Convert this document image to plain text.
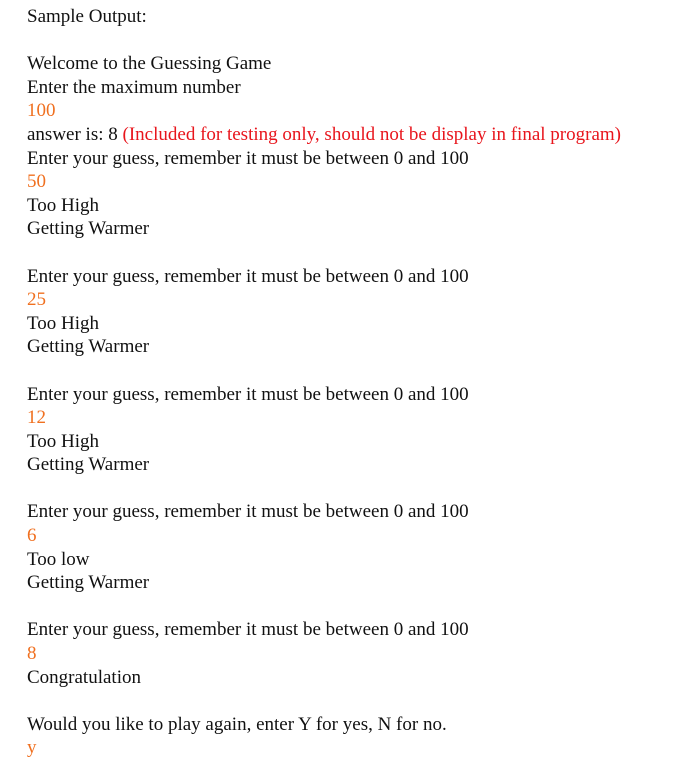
Sample Output:
Welcome to the Guessing Game
Enter the maximum number
100
answer is: 8 (Included for testing only, should not be display in final program)
Enter your guess, remember it must be between 0 and 100
50
Too High
Getting Warmer
Enter your guess, remember it must be between 0 and 100
25
Too High
Getting Warmer
Enter your guess, remember it must be between 0 and 100
12
Too High
Getting Warmer
Enter your guess, remember it must be between 0 and 100
6
Too low
Getting Warmer
Enter your guess, remember it must be between 0 and 100
8
Congratulation
Would you like to play again, enter Y for yes, N for no.
y
